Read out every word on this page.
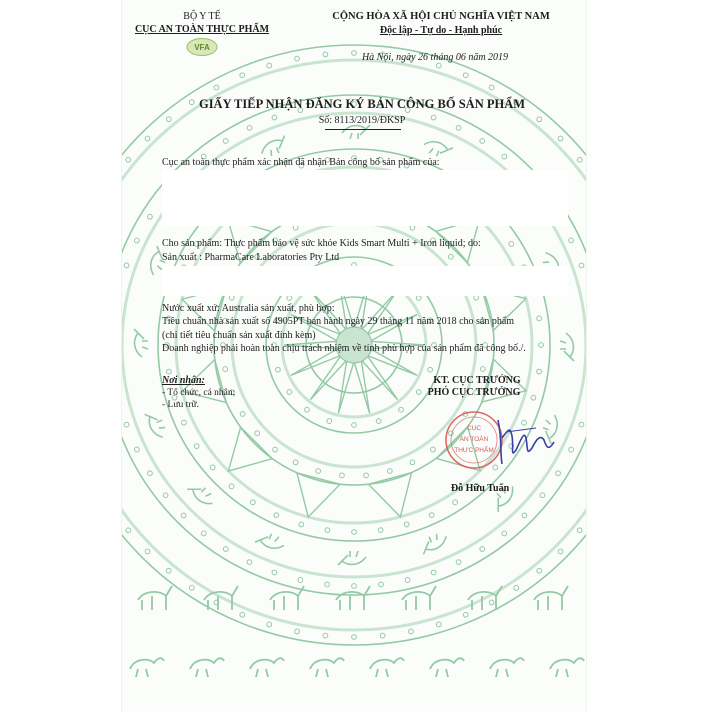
BỘ Y TẾ
CỤC AN TOÀN THỰC PHẨM
VFA
CỘNG HÒA XÃ HỘI CHỦ NGHĨA VIỆT NAM
Độc lập - Tự do - Hạnh phúc
Hà Nội, ngày 26 tháng 06 năm 2019
GIẤY TIẾP NHẬN ĐĂNG KÝ BẢN CÔNG BỐ SẢN PHẨM
Số: 8113/2019/ĐKSP
Cục an toàn thực phẩm xác nhận đã nhận Bản công bố sản phẩm của:
Cho sản phẩm: Thực phẩm bảo vệ sức khỏe Kids Smart Multi + Iron liquid; do:
Sản xuất : PharmaCare Laboratories Pty Ltd
Nước xuất xứ: Australia sản xuất, phù hợp:
Tiêu chuẩn nhà sản xuất số 4905PT ban hành ngày 29 tháng 11 năm 2018 cho sản phẩm
(chi tiết tiêu chuẩn sản xuất đính kèm)
Doanh nghiệp phải hoàn toàn chịu trách nhiệm về tính phù hợp của sản phẩm đã công bố./.
Nơi nhận:
- Tổ chức, cá nhân;
- Lưu trữ.
KT. CỤC TRƯỞNG
PHÓ CỤC TRƯỞNG
CỤC
AN TOÀN
THỰC PHẨM
Đỗ Hữu Tuấn
